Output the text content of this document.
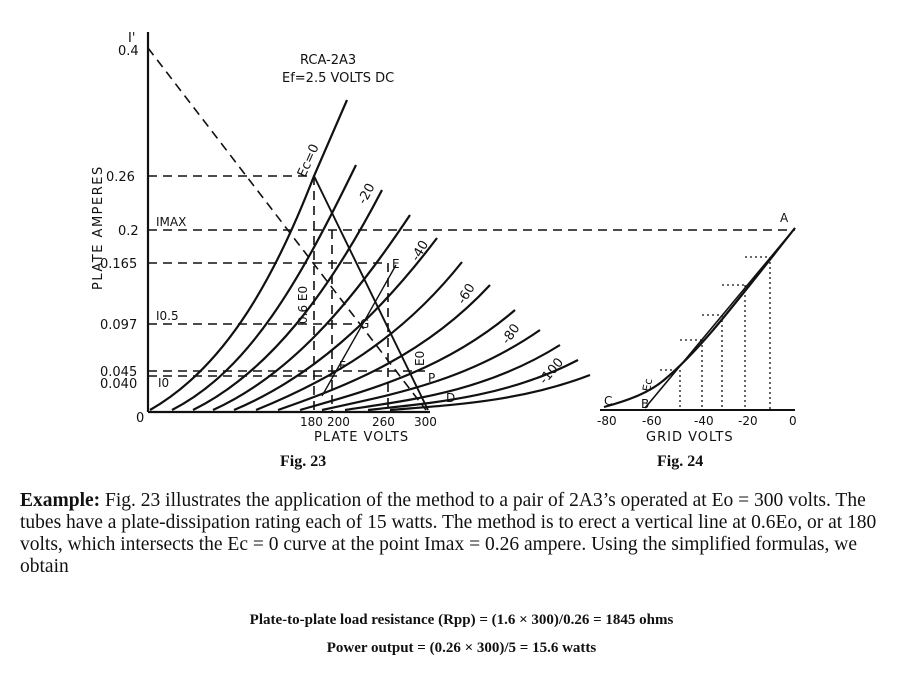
RCA-2A3
Ef=2.5 VOLTS DC
PLATE AMPERES
0.4
0.26
0.2
0.165
0.097
0.045
0.040
0
I'
IMAX
I0.5
I0
180 200 260 300
PLATE VOLTS
Ec=0
-20
-40
-60
-80
-100
E
G
F
P
D
0.6 E0
E0
A
B
C
Ec
-80 -60	-40 -20	0
GRID VOLTS
Fig. 23	Fig. 24
Example: Fig. 23 illustrates the application of the method to a pair of 2A3’s operated at Eo = 300 volts. The tubes have a plate-dissipation rating each of 15 watts. The method is to erect a vertical line at 0.6Eo, or at 180 volts, which intersects the Ec = 0 curve at the point Imax = 0.26 ampere. Using the simplified formulas, we obtain
Plate-to-plate load resistance (Rpp) = (1.6 × 300)/0.26 = 1845 ohms
Power output = (0.26 × 300)/5 = 15.6 watts
